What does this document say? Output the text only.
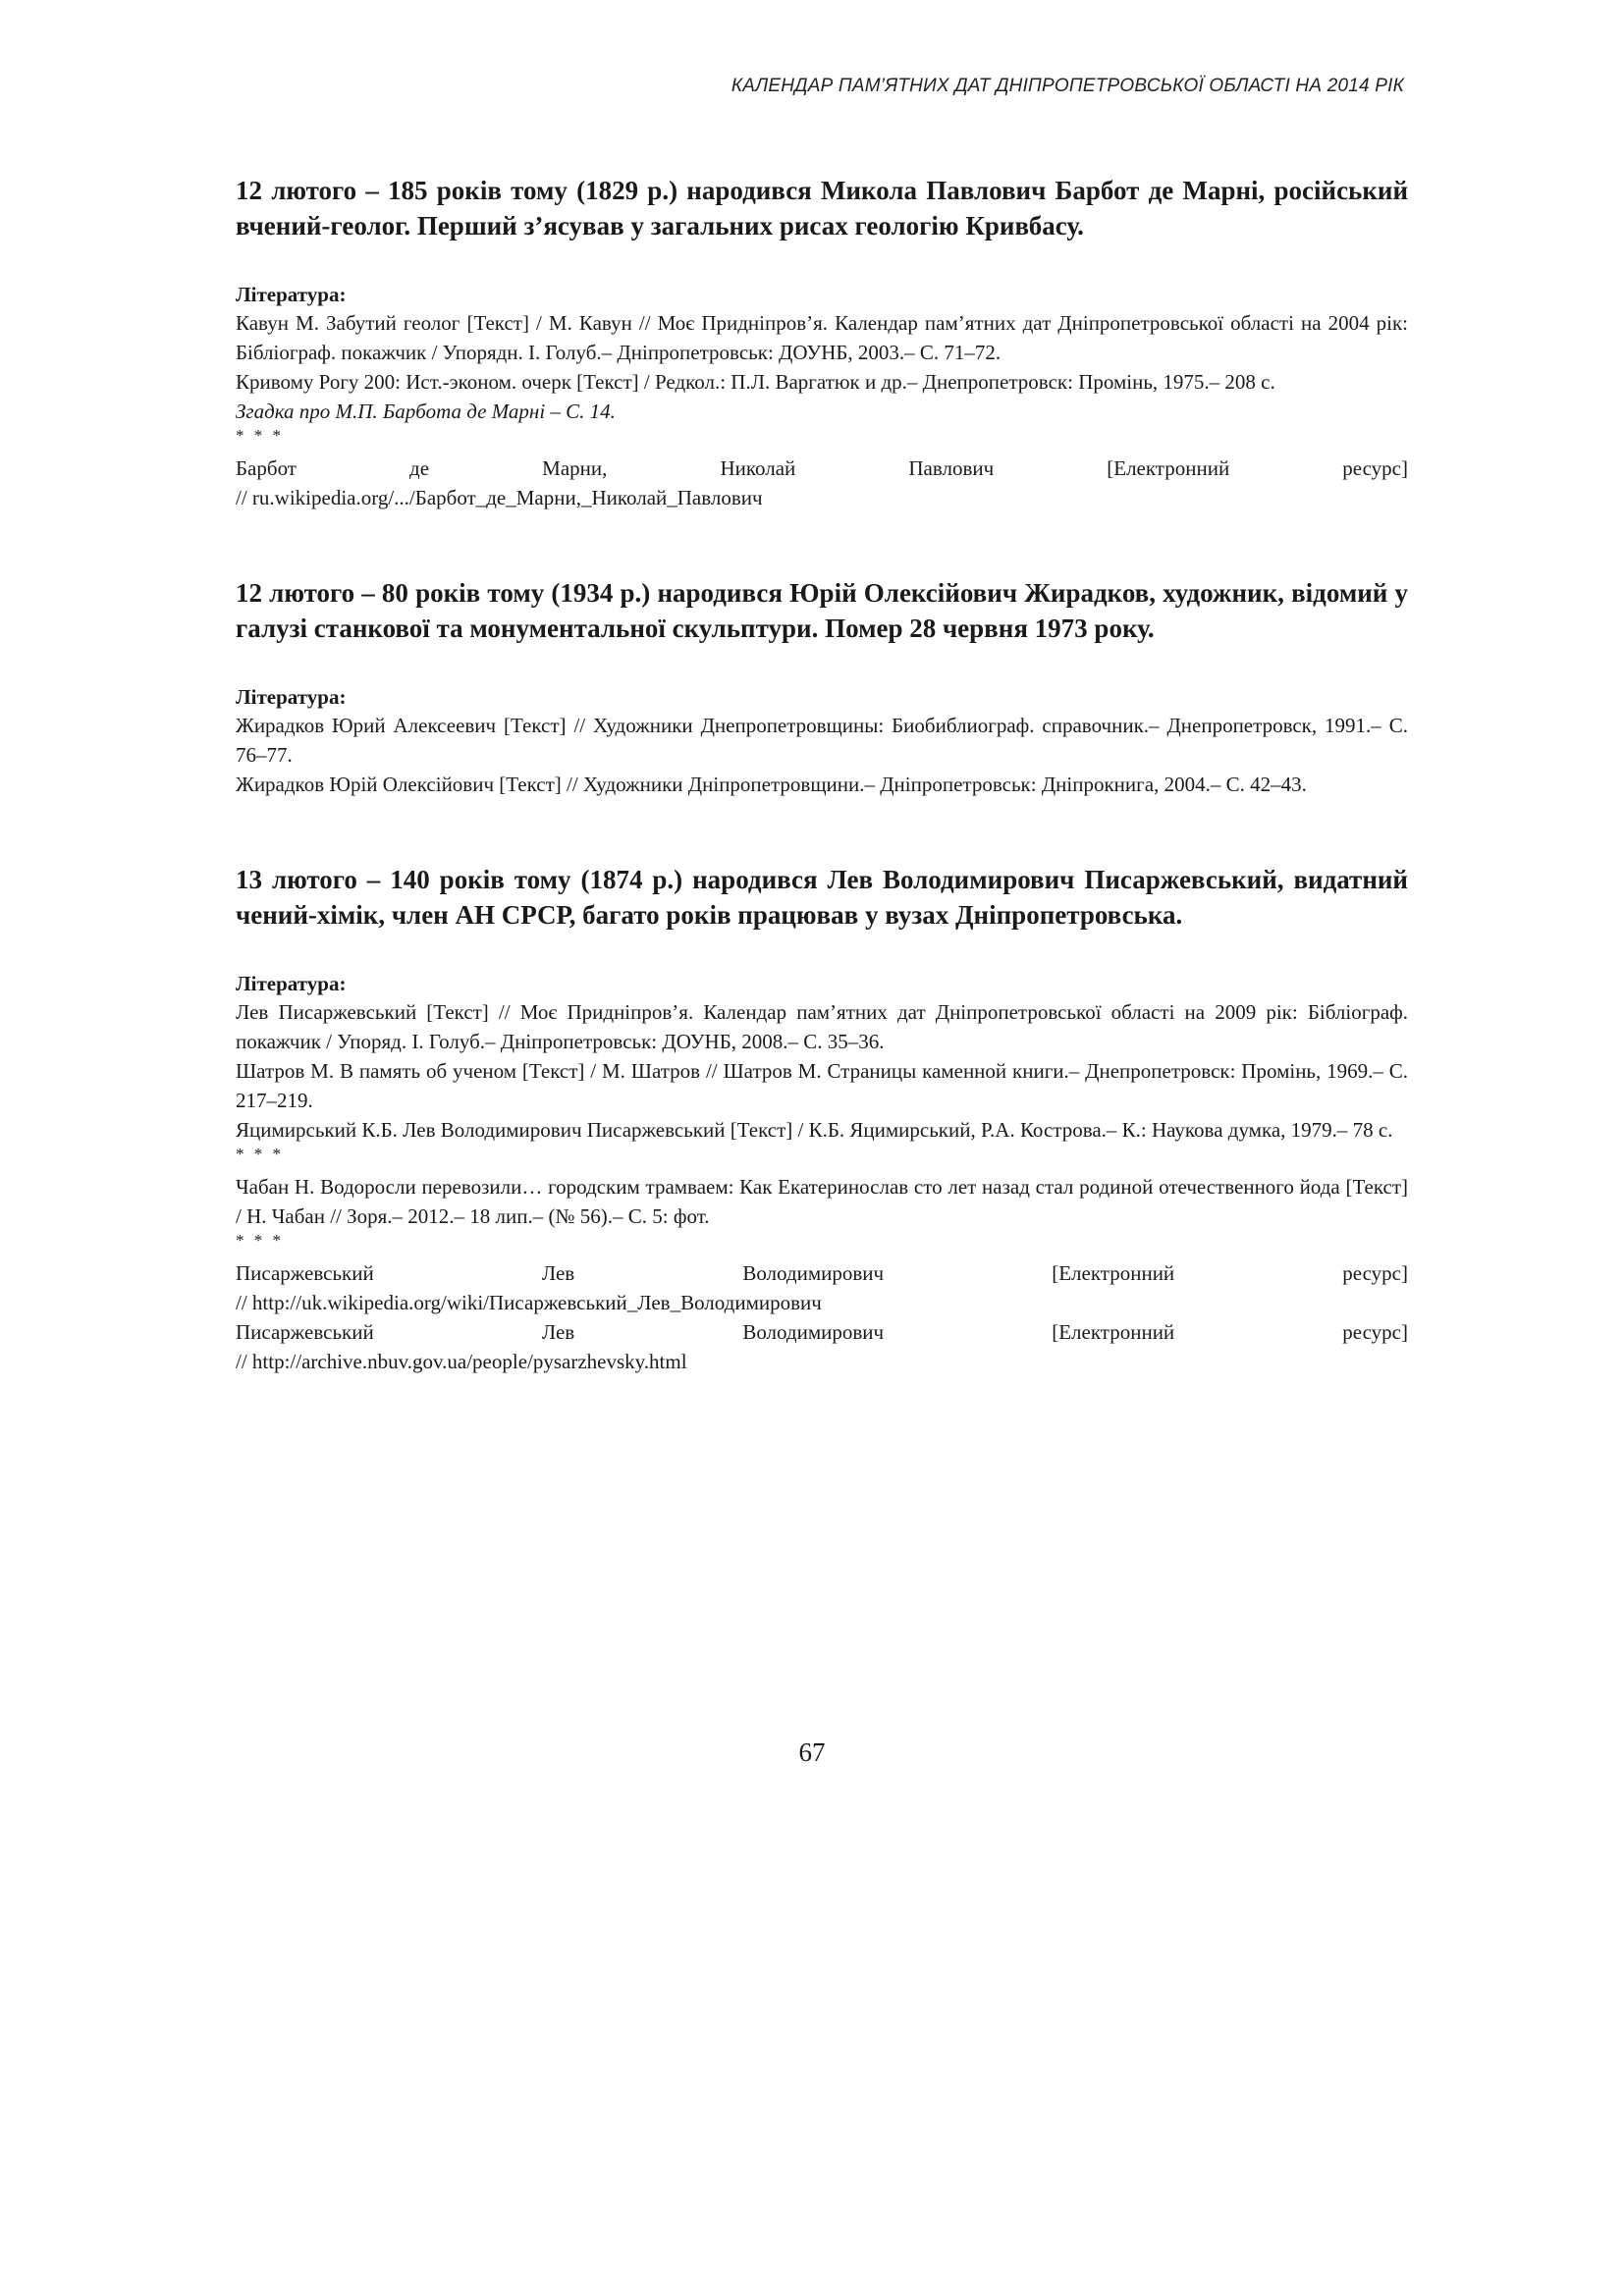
КАЛЕНДАР ПАМ’ЯТНИХ ДАТ ДНІПРОПЕТРОВСЬКОЇ ОБЛАСТІ НА 2014 РІК

12 лютого – 185 років тому (1829 р.) народився Микола Павлович Барбот де Марні, російський вчений-геолог. Перший з’ясував у загальних рисах геологію Кривбасу.

Література:

Кавун М. Забутий геолог [Текст] / М. Кавун // Моє Придніпров’я. Календар пам’ятних дат Дніпропетровської області на 2004 рік: Бібліограф. покажчик / Упорядн. І. Голуб.– Дніпропетровськ: ДОУНБ, 2003.– С. 71–72.

Кривому Рогу 200: Ист.-эконом. очерк [Текст] / Редкол.: П.Л. Варгатюк и др.– Днепропетровск: Промінь, 1975.– 208 с.

Згадка про М.П. Барбота де Марні – С. 14.

* * *

Барбот	де	Марни,	Николай	Павлович	[Електронний	ресурс]

// ru.wikipedia.org/.../Барбот_де_Марни,_Николай_Павлович

12 лютого – 80 років тому (1934 р.) народився Юрій Олексійович Жирадков, художник, відомий у галузі станкової та монументальної скульптури. Помер 28 червня 1973 року.

Література:

Жирадков Юрий Алексеевич [Текст] // Художники Днепропетровщины: Биобиблиограф. справочник.– Днепропетровск, 1991.– С. 76–77.

Жирадков Юрій Олексійович [Текст] // Художники Дніпропетровщини.– Дніпропетровськ: Дніпрокнига, 2004.– С. 42–43.

13 лютого – 140 років тому (1874 р.) народився Лев Володимирович Писаржевський, видатний чений-хімік, член АН СРСР, багато років працював у вузах Дніпропетровська.

Література:

Лев Писаржевський [Текст] // Моє Придніпров’я. Календар пам’ятних дат Дніпропетровської області на 2009 рік: Бібліограф. покажчик / Упоряд. І. Голуб.– Дніпропетровськ: ДОУНБ, 2008.– С. 35–36.

Шатров М. В память об ученом [Текст] / М. Шатров // Шатров М. Страницы каменной книги.– Днепропетровск: Промінь, 1969.– С. 217–219.

Яцимирський К.Б. Лев Володимирович Писаржевський [Текст] / К.Б. Яцимирський, Р.А. Кострова.– К.: Наукова думка, 1979.– 78 с.

* * *

Чабан Н. Водоросли перевозили… городским трамваем: Как Екатеринослав сто лет назад стал родиной отечественного йода [Текст] / Н. Чабан // Зоря.– 2012.– 18 лип.– (№ 56).– С. 5: фот.

* * *

Писаржевський	Лев	Володимирович	[Електронний	ресурс]

// http://uk.wikipedia.org/wiki/Писаржевський_Лев_Володимирович

Писаржевський	Лев	Володимирович	[Електронний	ресурс]

// http://archive.nbuv.gov.ua/people/pysarzhevsky.html

67
